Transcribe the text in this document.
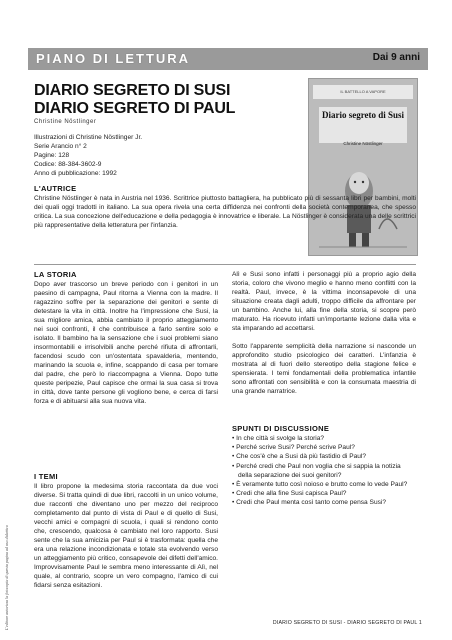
PIANO DI LETTURA	Dai 9 anni
L'editore autorizza la fotocopia di questa pagina ad uso didattico
DIARIO SEGRETO DI SUSI
DIARIO SEGRETO DI PAUL
Christine Nöstlinger
Illustrazioni di Christine Nöstlinger Jr.
Serie Arancio n° 2
Pagine: 128
Codice: 88-384-3602-9
Anno di pubblicazione: 1992
IL BATTELLO A VAPORE
Diario segreto di Susi
Christine Nöstlinger
L'AUTRICE
Christine Nöstlinger è nata in Austria nel 1936. Scrittrice piuttosto battagliera, ha pubblicato più di sessanta libri per bambini, molti dei quali oggi tradotti in italiano. La sua opera rivela una certa diffidenza nei confronti della società contemporanea, che spesso critica. La sua concezione dell'educazione e della pedagogia è innovatrice e liberale. La Nöstlinger è considerata una delle scrittrici più rappresentative della letteratura per l'infanzia.
LA STORIA
Dopo aver trascorso un breve periodo con i genitori in un paesino di campagna, Paul ritorna a Vienna con la madre. Il ragazzino soffre per la separazione dei genitori e sente di detestare la vita in città. Inoltre ha l'impressione che Susi, la sua migliore amica, abbia cambiato il proprio atteggiamento nei suoi confronti, il che contribuisce a farlo sentire solo e isolato. Il bambino ha la sensazione che i suoi problemi siano insormontabili e irrisolvibili anche perché rifiuta di affrontarli, facendosi scudo con un'ostentata spavalderia, mentendo, marinando la scuola e, infine, scappando di casa per tornare dal padre, che però lo riaccompagna a Vienna. Dopo tutte queste peripezie, Paul capisce che ormai la sua casa si trova in città, dove tante persone gli vogliono bene, e cerca di farsi forza e di abituarsi alla sua nuova vita.
I TEMI
Il libro propone la medesima storia raccontata da due voci diverse. Si tratta quindi di due libri, raccolti in un unico volume, due racconti che diventano uno per mezzo del reciproco completamento dal punto di vista di Paul e di quello di Susi, vecchi amici e compagni di scuola, i quali si rendono conto che, crescendo, qualcosa è cambiato nel loro rapporto. Susi sente che la sua amicizia per Paul si è trasformata: quella che era una relazione incondizionata e totale sta evolvendo verso un atteggiamento più critico, consapevole dei difetti dell'amico. Improvvisamente Paul le sembra meno interessante di Alì, nel quale, al contrario, scopre un vero compagno, l'amico di cui fidarsi senza esitazioni.
Alì e Susi sono infatti i personaggi più a proprio agio della storia, coloro che vivono meglio e hanno meno conflitti con la realtà. Paul, invece, è la vittima inconsapevole di una situazione creata dagli adulti, troppo difficile da affrontare per un bambino. Anche lui, alla fine della storia, si scopre però maturato. Ha ricevuto infatti un'importante lezione dalla vita e sta imparando ad accettarsi.
Sotto l'apparente semplicità della narrazione si nasconde un approfondito studio psicologico dei caratteri. L'infanzia è mostrata al di fuori dello stereotipo della stagione felice e spensierata. I temi fondamentali della problematica infantile sono affrontati con sensibilità e con la consumata maestria di una grande narratrice.
SPUNTI DI DISCUSSIONE
• In che città si svolge la storia?
• Perché scrive Susi? Perché scrive Paul?
• Che cos'è che a Susi dà più fastidio di Paul?
• Perché credi che Paul non voglia che si sappia la notizia della separazione dei suoi genitori?
• È veramente tutto così noioso e brutto come lo vede Paul?
• Credi che alla fine Susi capisca Paul?
• Credi che Paul menta così tanto come pensa Susi?
DIARIO SEGRETO DI SUSI - DIARIO SEGRETO DI PAUL 1
